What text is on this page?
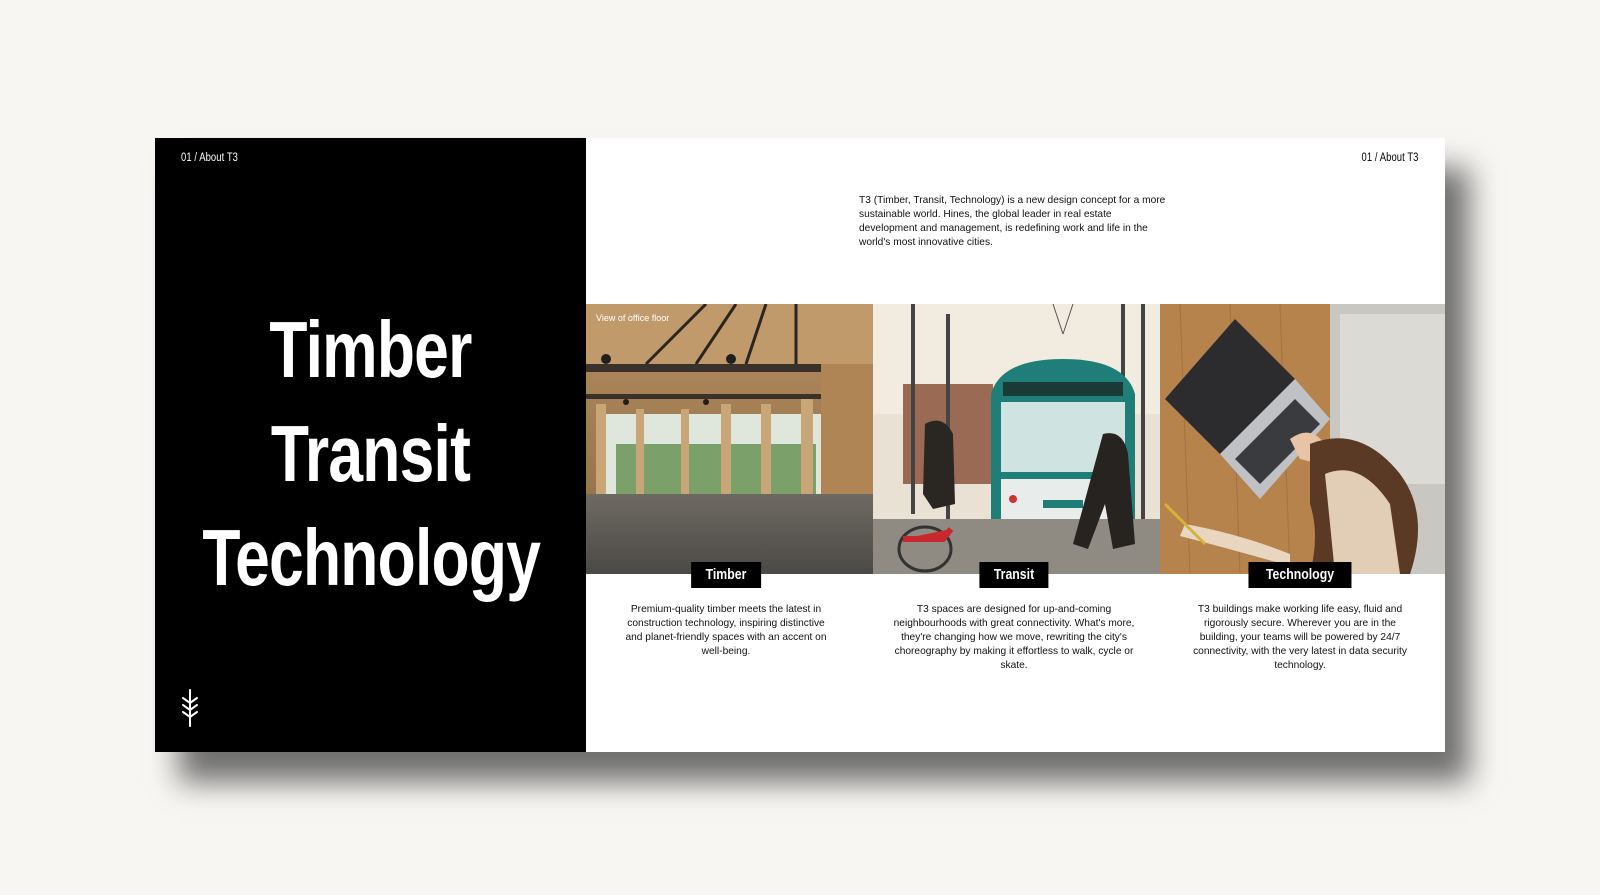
01 / About T3
Timber
Transit
Technology
01 / About T3

T3 (Timber, Transit, Technology) is a new design concept for a more sustainable world. Hines, the global leader in real estate development and management, is redefining work and life in the world's most innovative cities.

View of office floor
Timber	Transit	Technology

Premium-quality timber meets the latest in construction technology, inspiring distinctive and planet-friendly spaces with an accent on well-being.

T3 spaces are designed for up-and-coming neighbourhoods with great connectivity. What's more, they're changing how we move, rewriting the city's choreography by making it effortless to walk, cycle or skate.

T3 buildings make working life easy, fluid and rigorously secure. Wherever you are in the building, your teams will be powered by 24/7 connectivity, with the very latest in data security technology.
